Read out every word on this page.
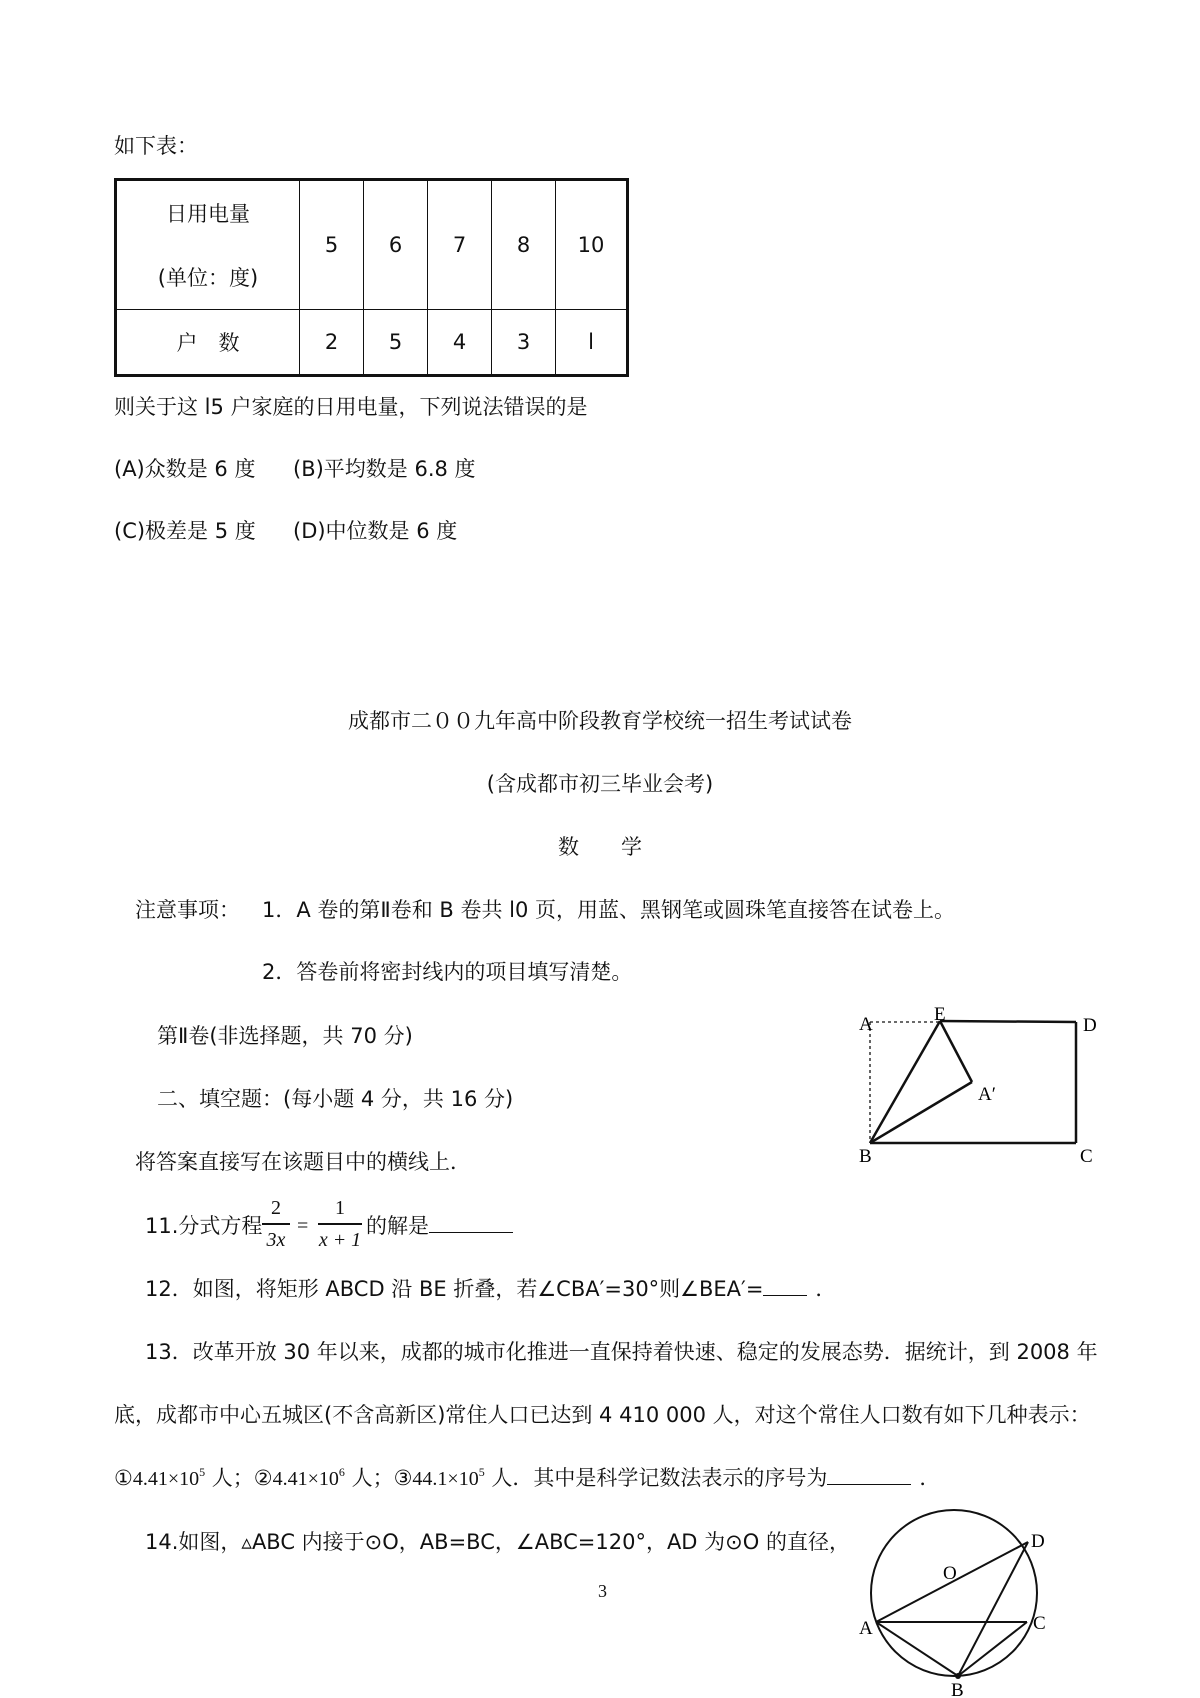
如下表：
日用电量
(单位：度)	5	6	7	8	10
户　数	2	5	4	3	l
则关于这 l5 户家庭的日用电量，下列说法错误的是
(A)众数是 6 度 (B)平均数是 6.8 度
(C)极差是 5 度 (D)中位数是 6 度
成都市二００九年高中阶段教育学校统一招生考试试卷
(含成都市初三毕业会考)
数　　学
注意事项： 1．A 卷的第Ⅱ卷和 B 卷共 l0 页，用蓝、黑钢笔或圆珠笔直接答在试卷上。
2．答卷前将密封线内的项目填写清楚。
第Ⅱ卷(非选择题，共 70 分)
二、填空题：(每小题 4 分，共 16 分)
将答案直接写在该题目中的横线上．
A	E
D
A′
B	C
11.分式方程
2
3x
=
1
x + 1
的解是
12．如图，将矩形 ABCD 沿 BE 折叠，若∠CBA′=30°则∠BEA′= ．
13．改革开放 30 年以来，成都的城市化推进一直保持着快速、稳定的发展态势．据统计，到 2008 年
底，成都市中心五城区(不含高新区)常住人口已达到 4 410 000 人，对这个常住人口数有如下几种表示：
$①4.41\times 10^5$ 人；$②4.41\times 10^6$ 人；$③44.1\times 10^5$ 人．其中是科学记数法表示的序号为	．
14.如图，▵ABC 内接于⊙O，AB=BC，∠ABC=120°，AD 为⊙O 的直径，	D
O
A	C
B
3
